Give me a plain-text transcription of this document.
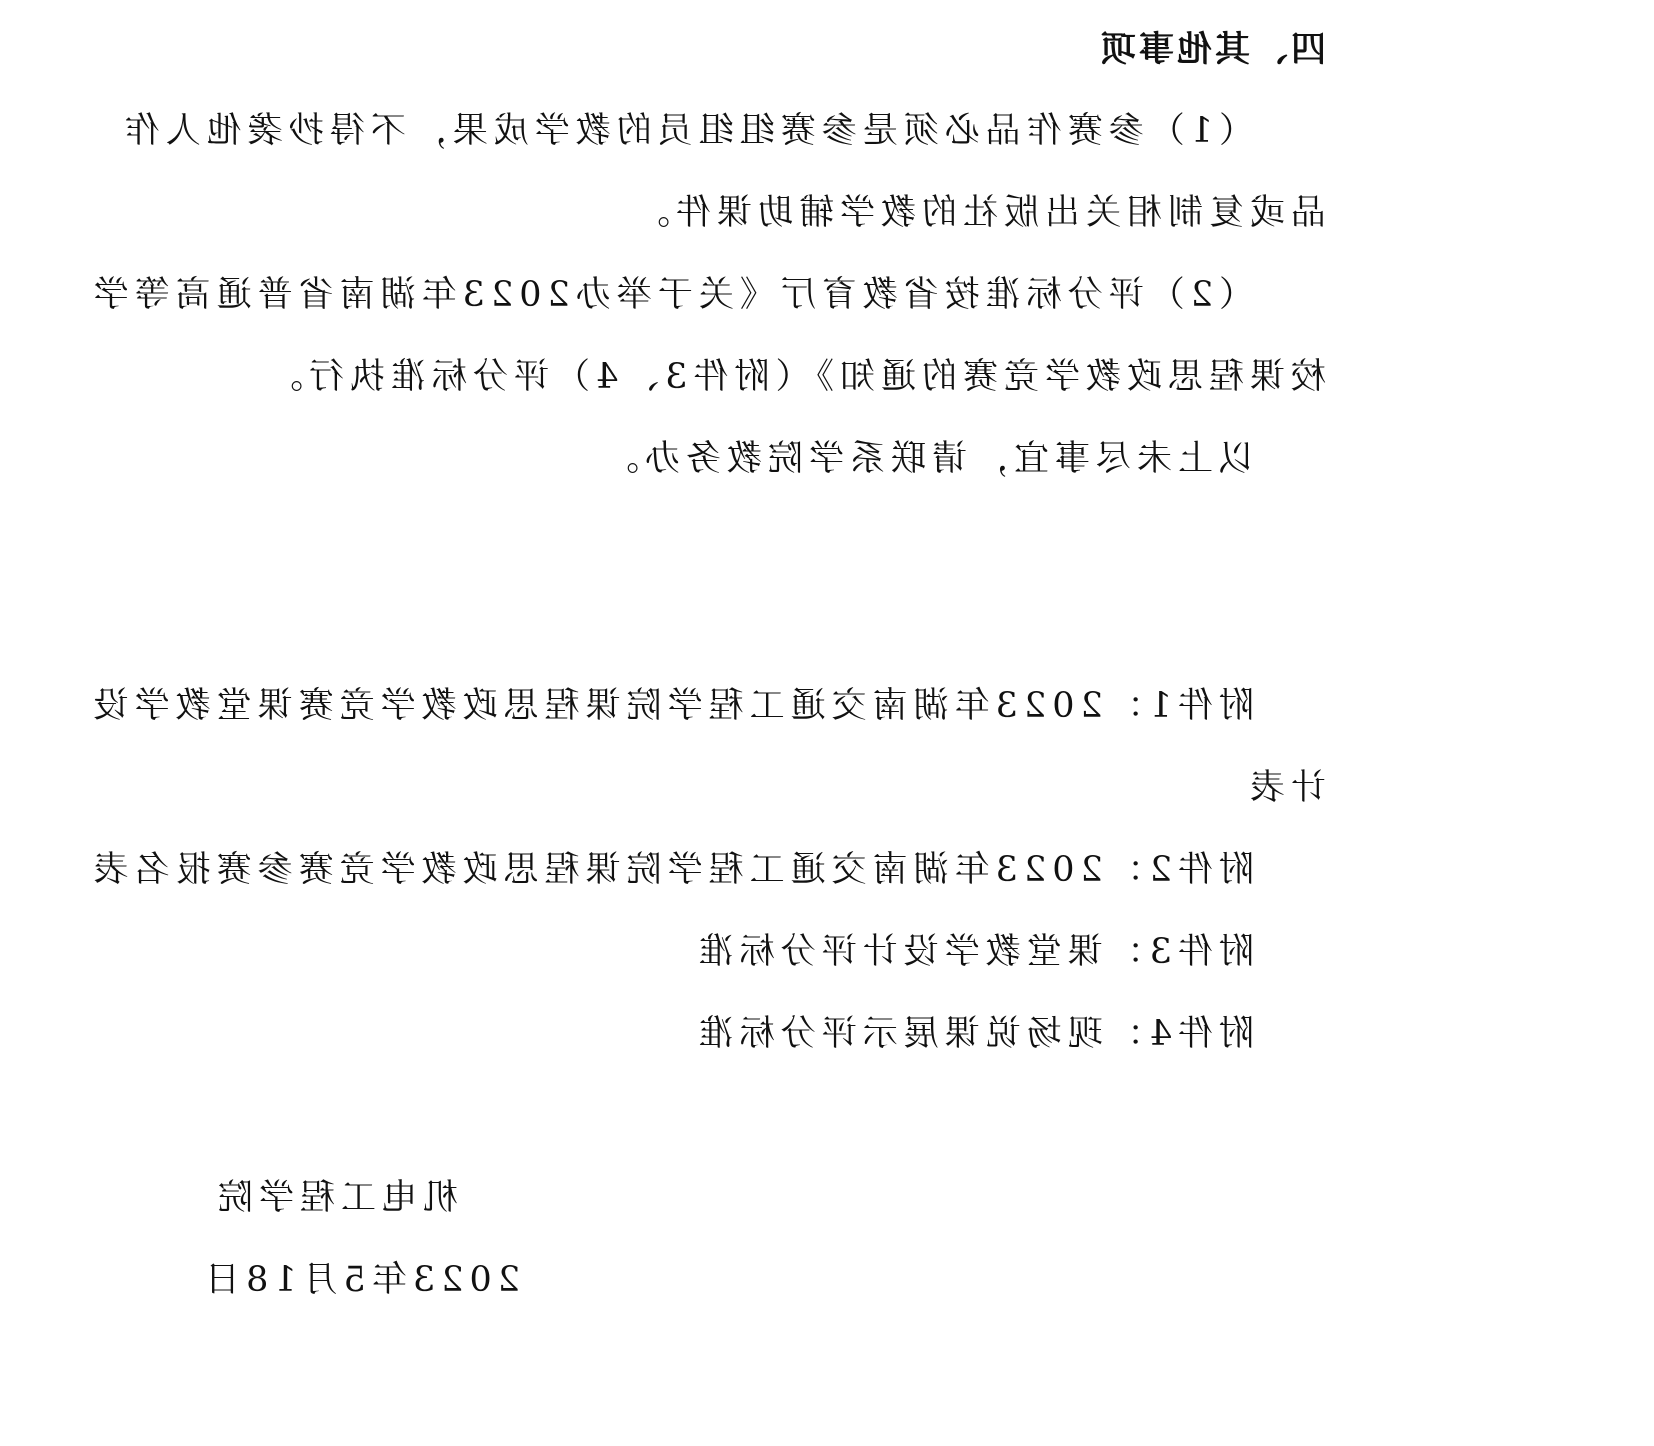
四、其他事项
（1）参赛作品必须是参赛组组员的教学成果，不得抄袭他人作
品或复制相关出版社的教学辅助课件。
（2）评分标准按省教育厅《关于举办2023年湖南省普通高等学
校课程思政教学竞赛的通知》（附件3、4）评分标准执行。
以上未尽事宜，请联系学院教务办。
附件1：2023年湖南交通工程学院课程思政教学竞赛课堂教学设
计表
附件2：2023年湖南交通工程学院课程思政教学竞赛参赛报名表
附件3：课堂教学设计评分标准
附件4：现场说课展示评分标准
机电工程学院
2023年5月18日
